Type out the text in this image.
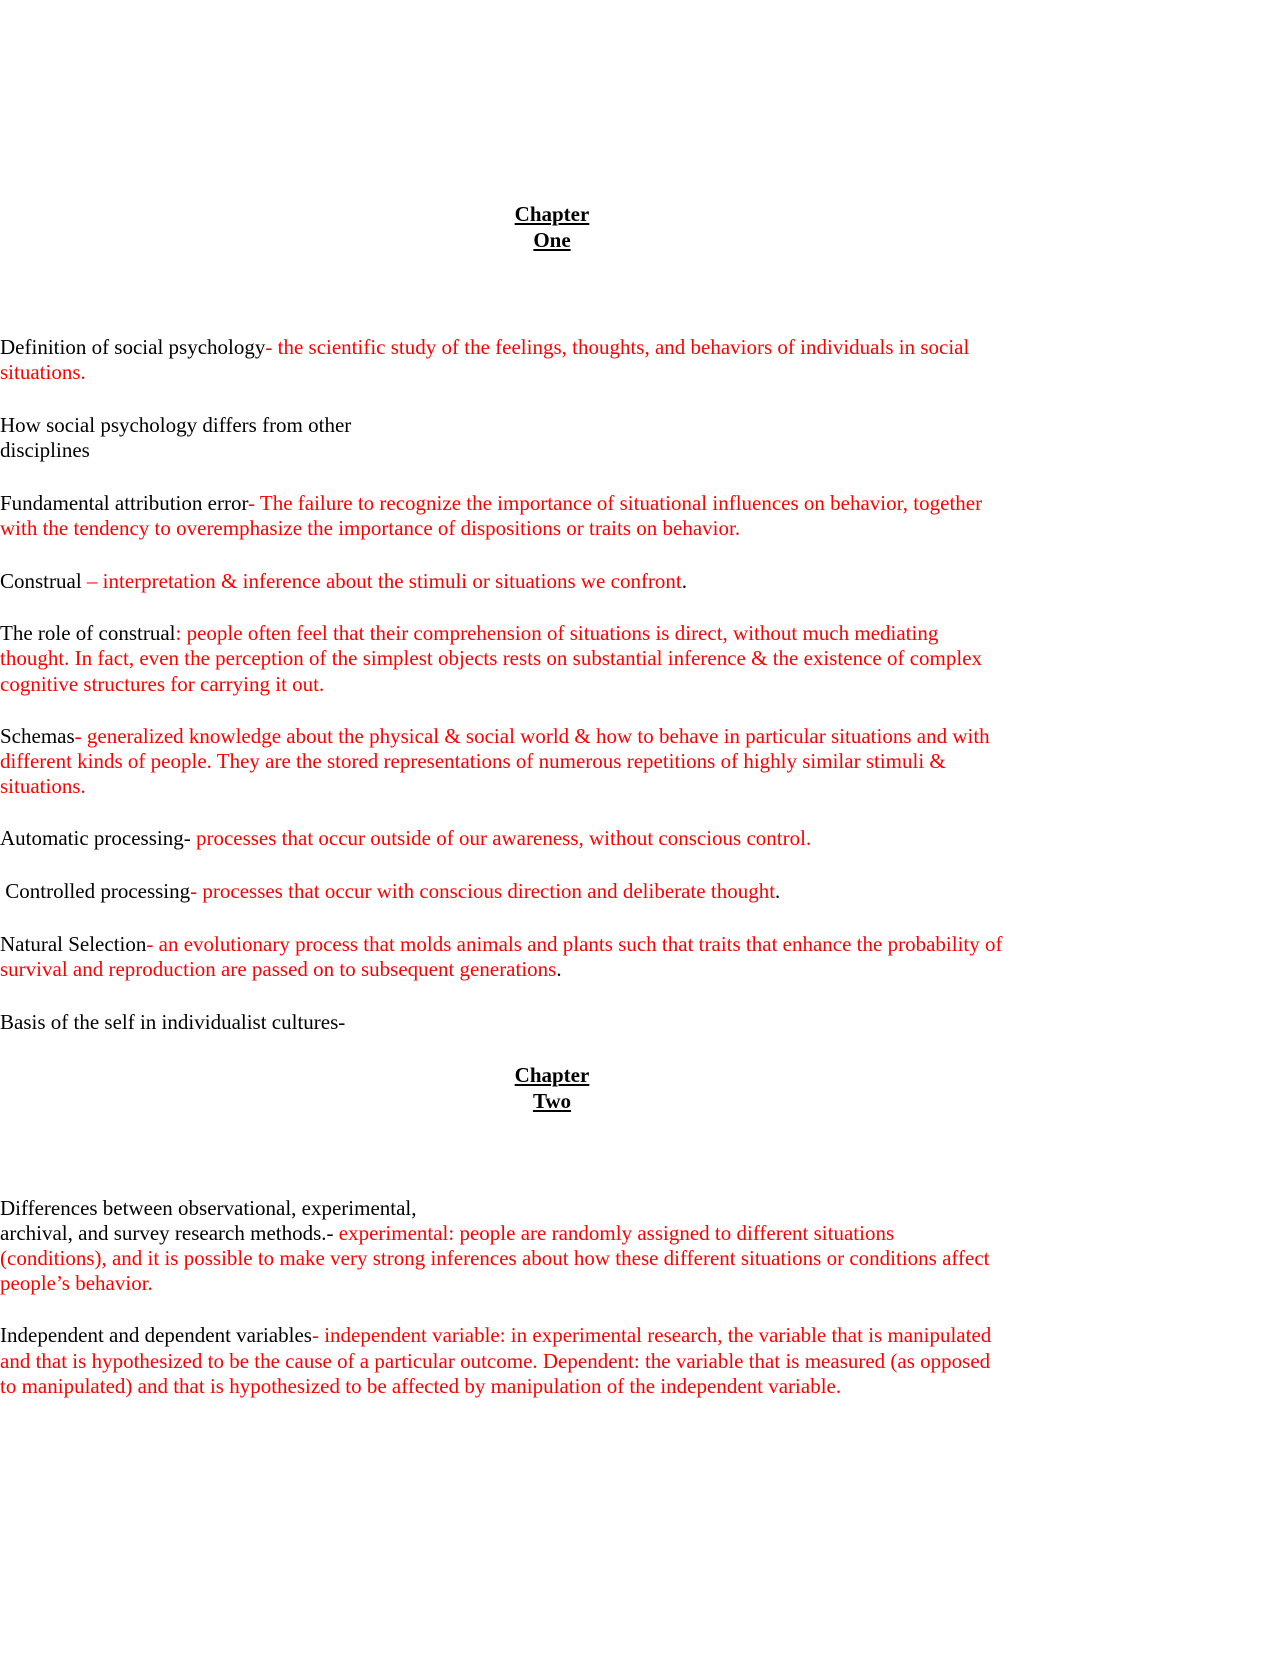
Chapter
One
Definition of social psychology- the scientific study of the feelings, thoughts, and behaviors of individuals in social
situations.
How social psychology differs from other
disciplines
Fundamental attribution error- The failure to recognize the importance of situational influences on behavior, together
with the tendency to overemphasize the importance of dispositions or traits on behavior.
Construal – interpretation & inference about the stimuli or situations we confront.
The role of construal: people often feel that their comprehension of situations is direct, without much mediating
thought. In fact, even the perception of the simplest objects rests on substantial inference & the existence of complex
cognitive structures for carrying it out.
Schemas- generalized knowledge about the physical & social world & how to behave in particular situations and with
different kinds of people. They are the stored representations of numerous repetitions of highly similar stimuli &
situations.
Automatic processing- processes that occur outside of our awareness, without conscious control.
Controlled processing- processes that occur with conscious direction and deliberate thought.
Natural Selection- an evolutionary process that molds animals and plants such that traits that enhance the probability of
survival and reproduction are passed on to subsequent generations.
Basis of the self in individualist cultures-
Chapter
Two
Differences between observational, experimental,
archival, and survey research methods.- experimental: people are randomly assigned to different situations
(conditions), and it is possible to make very strong inferences about how these different situations or conditions affect
people’s behavior.
Independent and dependent variables- independent variable: in experimental research, the variable that is manipulated
and that is hypothesized to be the cause of a particular outcome. Dependent: the variable that is measured (as opposed
to manipulated) and that is hypothesized to be affected by manipulation of the independent variable.
